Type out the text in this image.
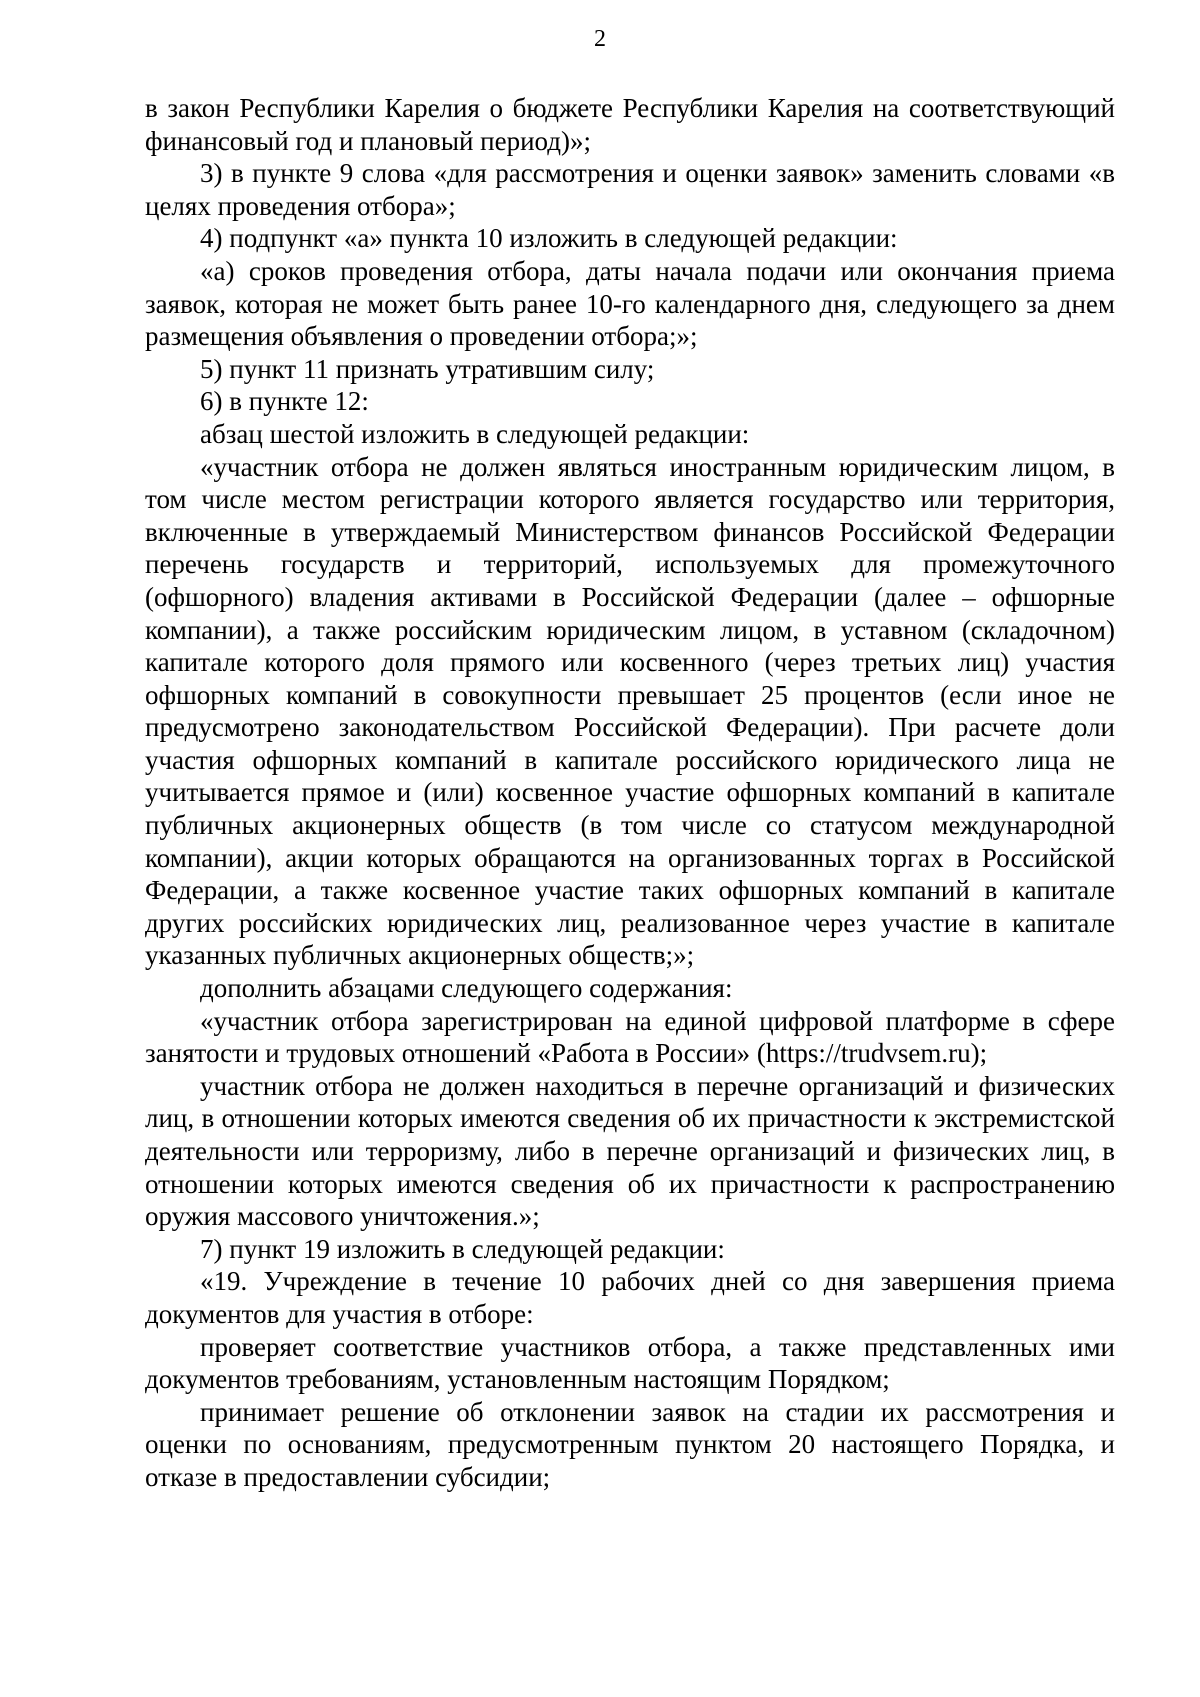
2

в закон Республики Карелия о бюджете Республики Карелия на соответствующий финансовый год и плановый период)»;

3) в пункте 9 слова «для рассмотрения и оценки заявок» заменить словами «в целях проведения отбора»;

4) подпункт «а» пункта 10 изложить в следующей редакции:

«а) сроков проведения отбора, даты начала подачи или окончания приема заявок, которая не может быть ранее 10-го календарного дня, следующего за днем размещения объявления о проведении отбора;»;

5) пункт 11 признать утратившим силу;

6) в пункте 12:

абзац шестой изложить в следующей редакции:

«участник отбора не должен являться иностранным юридическим лицом, в том числе местом регистрации которого является государство или территория, включенные в утверждаемый Министерством финансов Российской Федерации перечень государств и территорий, используемых для промежуточного (офшорного) владения активами в Российской Федерации (далее – офшорные компании), а также российским юридическим лицом, в уставном (складочном) капитале которого доля прямого или косвенного (через третьих лиц) участия офшорных компаний в совокупности превышает 25 процентов (если иное не предусмотрено законодательством Российской Федерации). При расчете доли участия офшорных компаний в капитале российского юридического лица не учитывается прямое и (или) косвенное участие офшорных компаний в капитале публичных акционерных обществ (в том числе со статусом международной компании), акции которых обращаются на организованных торгах в Российской Федерации, а также косвенное участие таких офшорных компаний в капитале других российских юридических лиц, реализованное через участие в капитале указанных публичных акционерных обществ;»;

дополнить абзацами следующего содержания:

«участник отбора зарегистрирован на единой цифровой платформе в сфере занятости и трудовых отношений «Работа в России» (https://trudvsem.ru);

участник отбора не должен находиться в перечне организаций и физических лиц, в отношении которых имеются сведения об их причастности к экстремистской деятельности или терроризму, либо в перечне организаций и физических лиц, в отношении которых имеются сведения об их причастности к распространению оружия массового уничтожения.»;

7) пункт 19 изложить в следующей редакции:

«19. Учреждение в течение 10 рабочих дней со дня завершения приема документов для участия в отборе:

проверяет соответствие участников отбора, а также представленных ими документов требованиям, установленным настоящим Порядком;

принимает решение об отклонении заявок на стадии их рассмотрения и оценки по основаниям, предусмотренным пунктом 20 настоящего Порядка, и отказе в предоставлении субсидии;
